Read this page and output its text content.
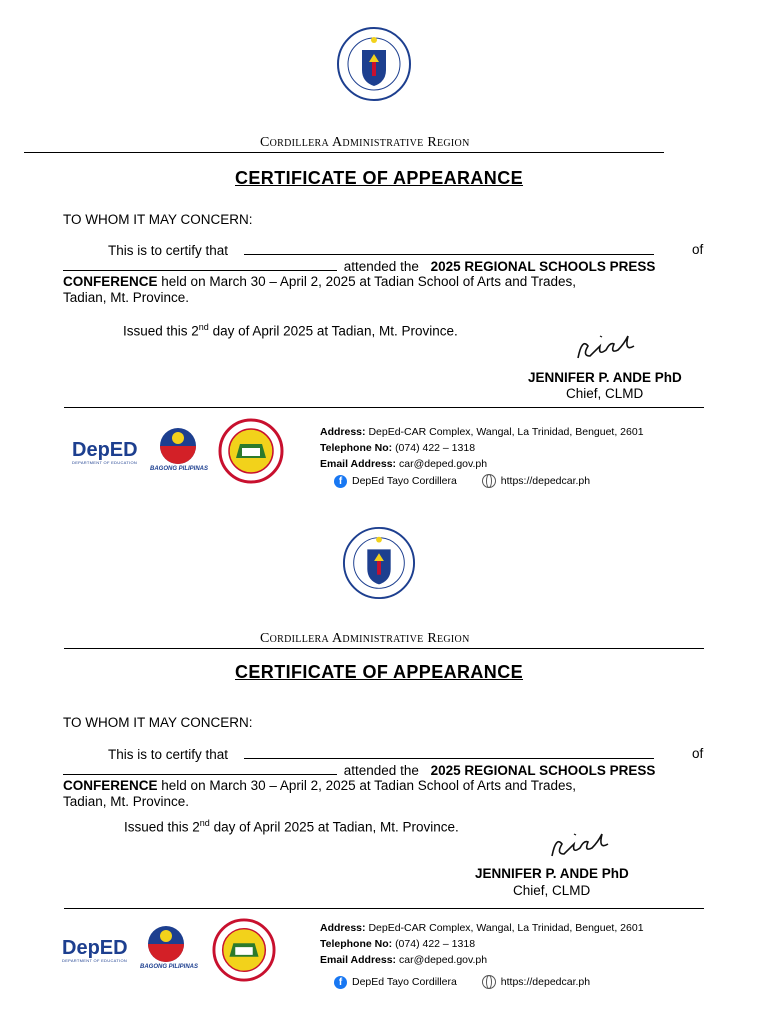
Cordillera Administrative Region
CERTIFICATE OF APPEARANCE
TO WHOM IT MAY CONCERN:
This is to certify that	of
attended the 2025 REGIONAL SCHOOLS PRESS
CONFERENCE held on March 30 – April 2, 2025 at Tadian School of Arts and Trades,
Tadian, Mt. Province.
Issued this 2nd day of April 2025 at Tadian, Mt. Province.
JENNIFER P. ANDE PhD
Chief, CLMD
DepED
DEPARTMENT OF EDUCATION
BAGONG PILIPINAS
Address: DepEd-CAR Complex, Wangal, La Trinidad, Benguet, 2601
Telephone No: (074) 422 – 1318
Email Address: car@deped.gov.ph
f DepEd Tayo Cordillera	https://depedcar.ph
Cordillera Administrative Region
CERTIFICATE OF APPEARANCE
TO WHOM IT MAY CONCERN:
This is to certify that	of
attended the 2025 REGIONAL SCHOOLS PRESS
CONFERENCE held on March 30 – April 2, 2025 at Tadian School of Arts and Trades,
Tadian, Mt. Province.
Issued this 2nd day of April 2025 at Tadian, Mt. Province.
JENNIFER P. ANDE PhD
Chief, CLMD
DepED
DEPARTMENT OF EDUCATION
BAGONG PILIPINAS
Address: DepEd-CAR Complex, Wangal, La Trinidad, Benguet, 2601
Telephone No: (074) 422 – 1318
Email Address: car@deped.gov.ph
f DepEd Tayo Cordillera	https://depedcar.ph
